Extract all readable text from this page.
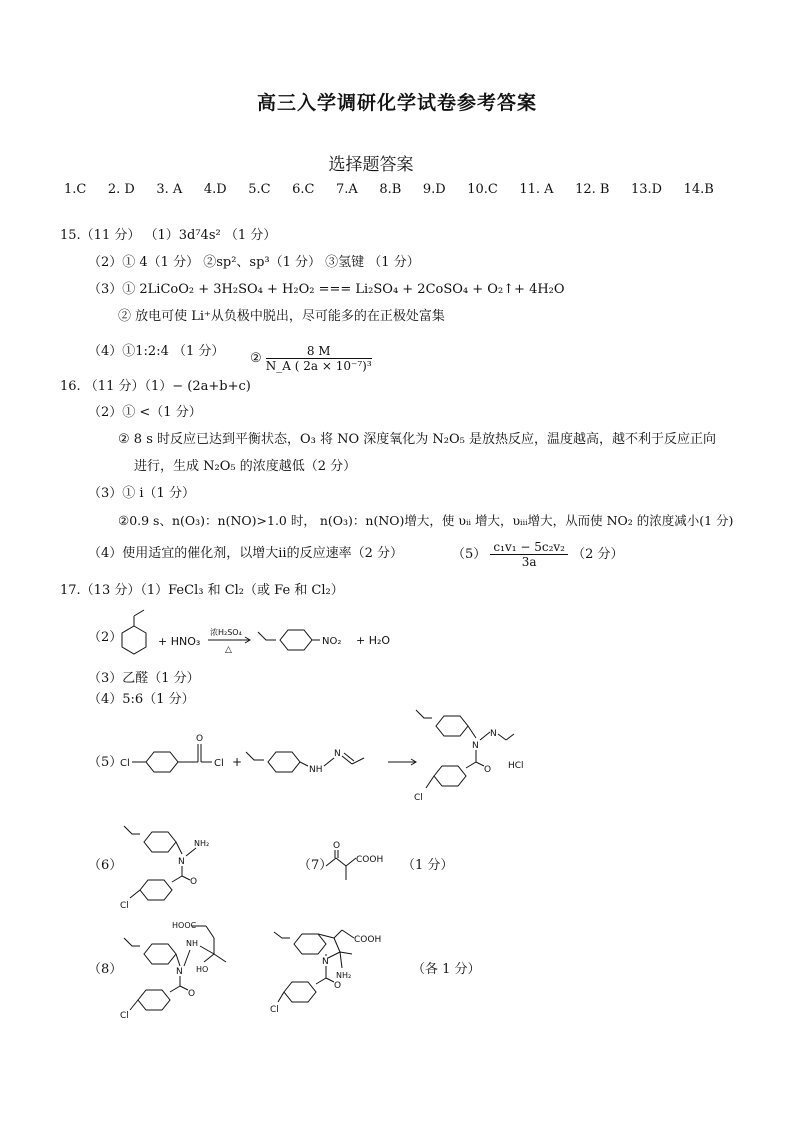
高三入学调研化学试卷参考答案
选择题答案
1.C 2. D 3. A 4.D 5.C 6.C 7.A 8.B 9.D 10.C 11. A 12. B 13.D 14.B
15.（11 分） （1）3d⁷4s² （1 分）
（2）① 4（1 分） ②sp²、sp³（1 分） ③氢键 （1 分）
（3）① 2LiCoO₂ + 3H₂SO₄ + H₂O₂ === Li₂SO₄ + 2CoSO₄ + O₂↑+ 4H₂O
② 放电可使 Li⁺从负极中脱出，尽可能多的在正极处富集
（4）①1:2:4 （1 分） ② $\frac{8 M}{\text{N\_A ( 2a × 10⁻⁷)³}}$
16. （11 分）（1）− (2a+b+c)
（2）① <（1 分）
② 8 s 时反应已达到平衡状态，O₃ 将 NO 深度氧化为 N₂O₅ 是放热反应，温度越高，越不利于反应正向
进行，生成 N₂O₅ 的浓度越低（2 分）
（3）① i（1 分）
②0.9 s、n(O₃)：n(NO)>1.0 时， n(O₃)：n(NO)增大，使 υᵢᵢ 增大，υᵢᵢᵢ增大，从而使 NO₂ 的浓度减小(1 分)
（4）使用适宜的催化剂，以增大ii的反应速率（2 分）	$(5) \frac{\text{c₁v₁ − 5c₂v₂}}{3a} (2$ 分）
17.（13 分）（1）FeCl₃ 和 Cl₂（或 Fe 和 Cl₂）
（2）	+ HNO₃
浓H₂SO₄
△
NO₂ + H₂O
（3）乙醛（1 分）
（4）5:6（1 分）
（5）
Cl
O
Cl +
NH
N
HCl
N
N
O
Cl
（6）	N
NH₂
O
Cl
（7）
O
COOH （1 分）
（8）
HOOC
HO
NH
N
O
Cl
N
COOH
NH₂
O
Cl
（各 1 分）
